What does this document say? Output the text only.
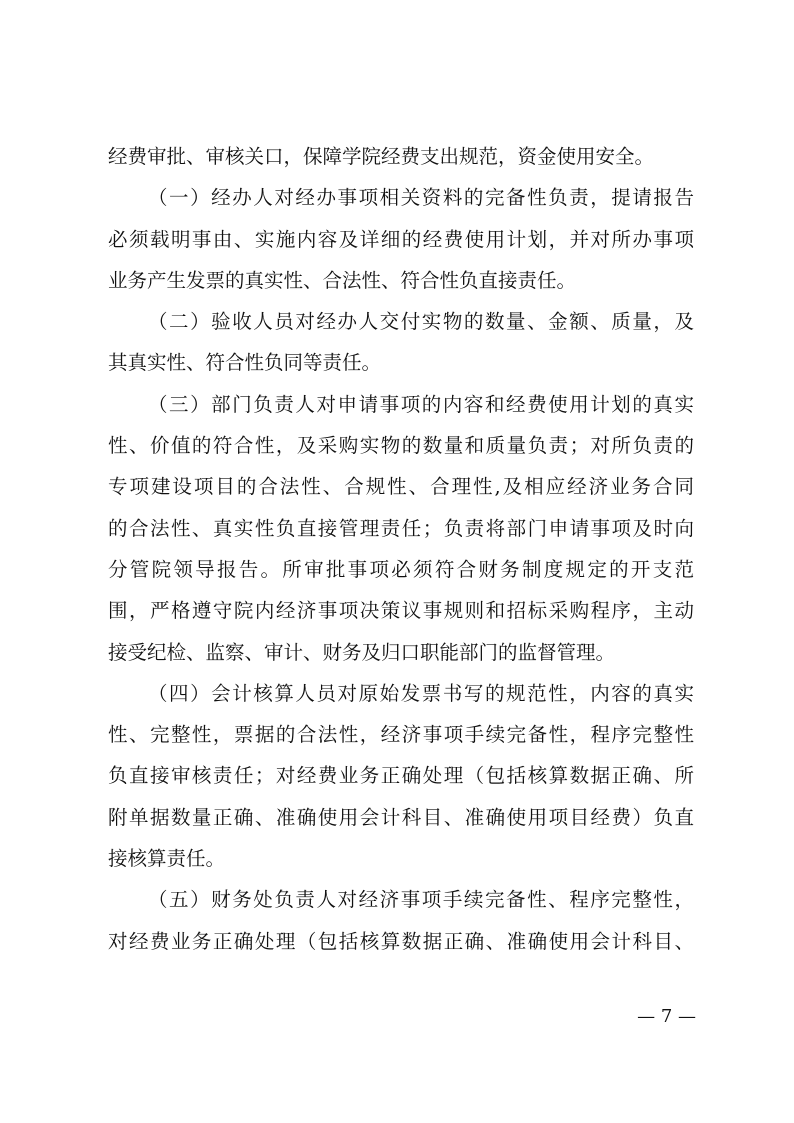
经费审批、审核关口，保障学院经费支出规范，资金使用安全。
（一）经办人对经办事项相关资料的完备性负责，提请报告
必须载明事由、实施内容及详细的经费使用计划，并对所办事项
业务产生发票的真实性、合法性、符合性负直接责任。
（二）验收人员对经办人交付实物的数量、金额、质量，及
其真实性、符合性负同等责任。
（三）部门负责人对申请事项的内容和经费使用计划的真实
性、价值的符合性，及采购实物的数量和质量负责；对所负责的
专项建设项目的合法性、合规性、合理性,及相应经济业务合同
的合法性、真实性负直接管理责任；负责将部门申请事项及时向
分管院领导报告。所审批事项必须符合财务制度规定的开支范
围，严格遵守院内经济事项决策议事规则和招标采购程序，主动
接受纪检、监察、审计、财务及归口职能部门的监督管理。
（四）会计核算人员对原始发票书写的规范性，内容的真实
性、完整性，票据的合法性，经济事项手续完备性，程序完整性
负直接审核责任；对经费业务正确处理（包括核算数据正确、所
附单据数量正确、准确使用会计科目、准确使用项目经费）负直
接核算责任。
（五）财务处负责人对经济事项手续完备性、程序完整性，
对经费业务正确处理（包括核算数据正确、准确使用会计科目、
— 7 —
